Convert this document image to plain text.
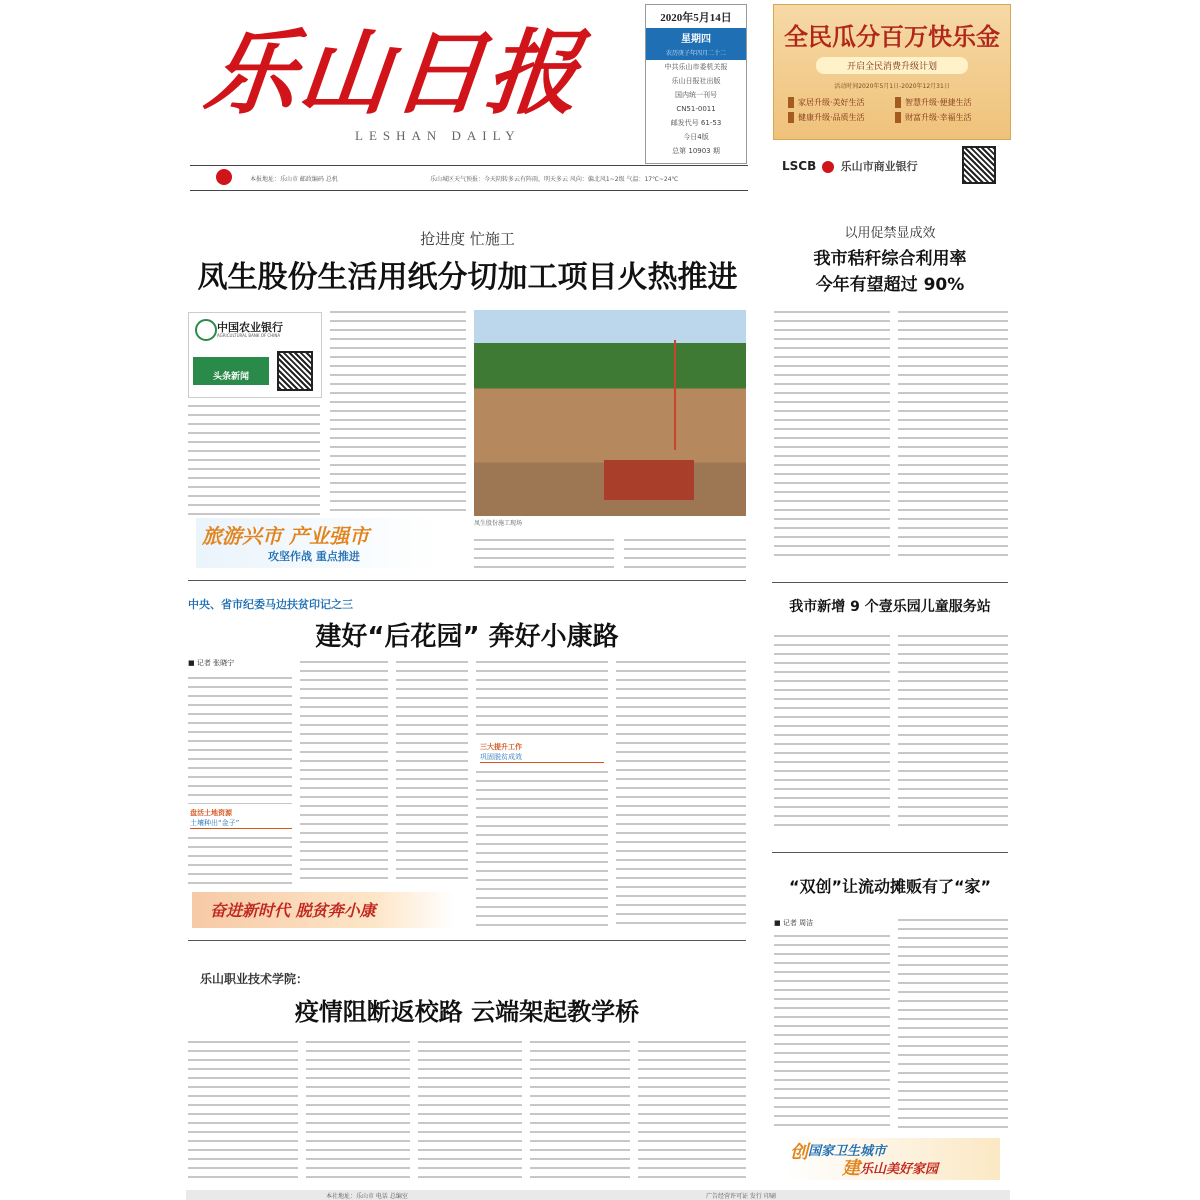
乐山日报
LESHAN DAILY
2020年5月14日
星期四
农历庚子年四月二十二
中共乐山市委机关报
乐山日报社出版
国内统一刊号
CN51-0011
邮发代号 61-53
今日4版
总第 10903 期
全民瓜分百万快乐金
开启全民消费升级计划
活动时间2020年5月1日-2020年12月31日
家居升级·美好生活	智慧升级·便捷生活
健康升级·品质生活	财富升级·幸福生活
本报地址：乐山市 邮政编码 总机	乐山城区天气预报：今天阴转多云有阵雨，明天多云 风向：偏北风1~2级 气温：17℃~24℃
LSCB 乐山市商业银行
抢进度 忙施工
凤生股份生活用纸分切加工项目火热推进
中国农业银行
AGRICULTURAL BANK OF CHINA
头条新闻
凤生股份施工现场
旅游兴市 产业强市
攻坚作战 重点推进
中央、省市纪委马边扶贫印记之三
建好“后花园” 奔好小康路
■ 记者 张晓宁
盘活土地资源
土壤种出“金子”
三大提升工作
巩固脱贫成效
奋进新时代 脱贫奔小康
乐山职业技术学院：
疫情阻断返校路 云端架起教学桥
以用促禁显成效
我市秸秆综合利用率
今年有望超过 90%
我市新增 9 个壹乐园儿童服务站
“双创”让流动摊贩有了“家”
■ 记者 周洁
创 国家卫生城市
建 乐山美好家园
本社地址：乐山市 电话 总编室	广告经营许可证 发行 印刷
